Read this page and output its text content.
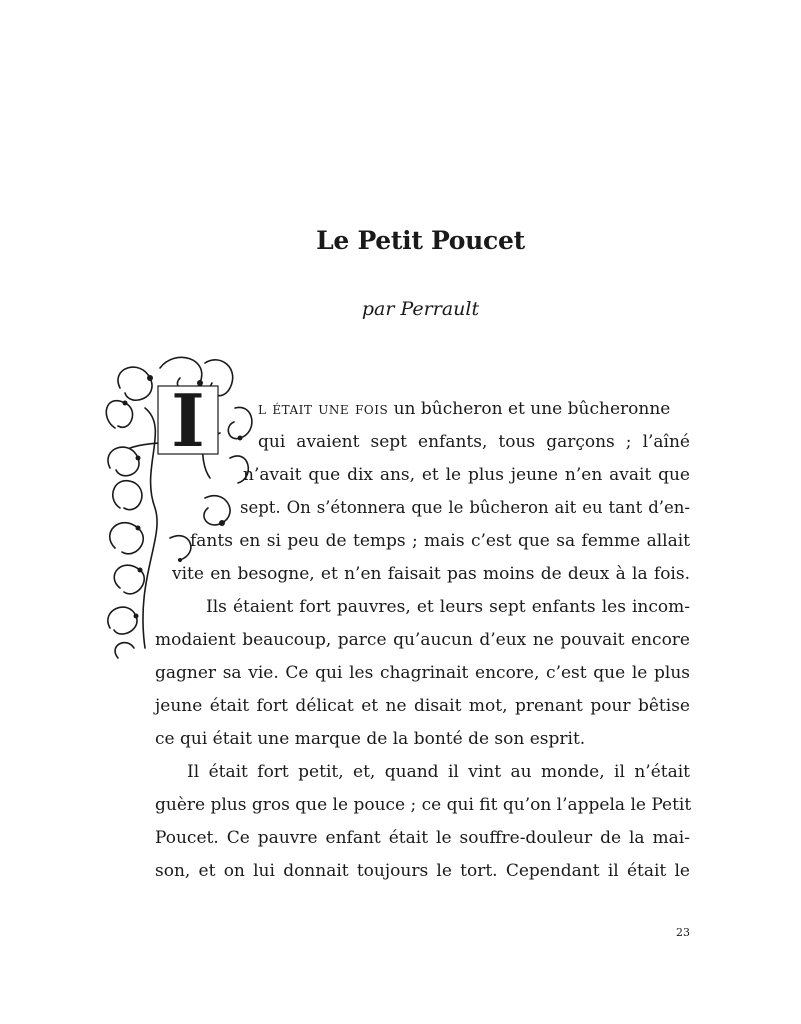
Le Petit Poucet

par Perrault

I	l était une fois un bûcheron et une bûcheronne

qui avaient sept enfants, tous garçons ; l’aîné

n’avait que dix ans, et le plus jeune n’en avait que

sept. On s’étonnera que le bûcheron ait eu tant d’en-

fants en si peu de temps ; mais c’est que sa femme allait

vite en besogne, et n’en faisait pas moins de deux à la fois.

Ils étaient fort pauvres, et leurs sept enfants les incom-

modaient beaucoup, parce qu’aucun d’eux ne pouvait encore

gagner sa vie. Ce qui les chagrinait encore, c’est que le plus

jeune était fort délicat et ne disait mot, prenant pour bêtise

ce qui était une marque de la bonté de son esprit.

Il était fort petit, et, quand il vint au monde, il n’était

guère plus gros que le pouce ; ce qui fit qu’on l’appela le Petit

Poucet. Ce pauvre enfant était le souffre-douleur de la mai-

son, et on lui donnait toujours le tort. Cependant il était le

23
